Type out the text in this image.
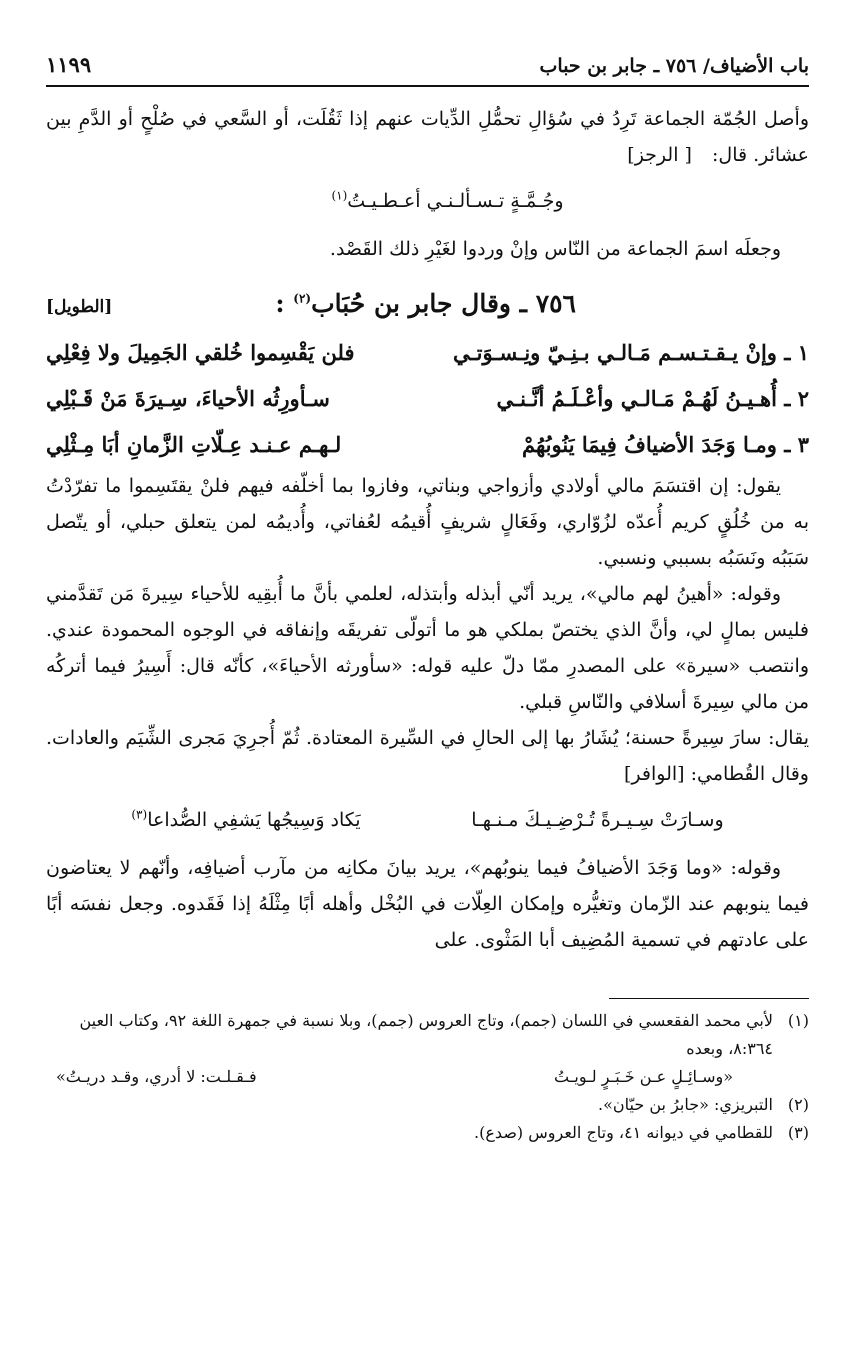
باب الأضياف/ ٧٥٦ ـ جابر بن حباب
١١٩٩

وأصل الجُمّة الجماعة تَرِدُ في سُؤالِ تحمُّلِ الدِّيات عنهم إذا ثَقُلَت، أو السَّعي في صُلْحٍ أو الدَّمِ بين عشائر. قال: [ الرجز]

وجُـمَّـةٍ تـسـألـنـي أعـطـيـتُ$^{(١)}$

وجعلَه اسمَ الجماعة من النّاس وإنْ وردوا لغَيْرِ ذلك القَصْد.

٧٥٦ ـ وقال جابر بن حُبَاب$^{(٢)}$ :
[الطويل]
١ ـ وإنْ يـقـتـسـم مَـالـي بـنِـيّ ونِـسـوَتـي
فلن يَقْسِموا خُلقي الجَمِيلَ ولا فِعْلِي
٢ ـ أُهـيـنُ لَهُـمْ مَـالـي وأعْـلَـمُ أنَّـنـي
سـأورِثُه الأحياءَ، سِـيرَةَ مَنْ قَـبْلِي
٣ ـ ومـا وَجَدَ الأضيافُ فِيمَا يَنُوبُهُمْ
لـهـم عـنـد عِـلّاتِ الزَّمانِ أبَا مِـثْلِي

يقول: إن اقتسَمَ مالي أولادي وأزواجي وبناتي، وفازوا بما أخلّفه فيهم فلنْ يقتَسِموا ما تفرّدْتُ به من خُلُقٍ كريم أُعدّه لزُوّاري، وفَعَالٍ شريفٍ أُقيمُه لعُفاتي، وأُديمُه لمن يتعلق حبلي، أو يتّصل سَبَبُه ونَسَبُه بسببي ونسبي.

وقوله: «أهينُ لهم مالي»، يريد أنّي أبذله وأبتذله، لعلمي بأنَّ ما أُبقِيه للأحياء سِيرةَ مَن تَقدَّمني فليس بمالٍ لي، وأنَّ الذي يختصّ بملكي هو ما أتولّى تفريقَه وإنفاقه في الوجوه المحمودة عندي. وانتصب «سيرة» على المصدرِ ممّا دلّ عليه قوله: «سأورثه الأحياءَ»، كأنّه قال: أَسِيرُ فيما أتركُه من مالي سِيرةَ أسلافي والنّاسِ قبلي.

يقال: سارَ سِيرةً حسنة؛ يُشَارُ بها إلى الحالِ في السِّيرة المعتادة. ثُمّ أُجرِيَ مَجرى الشِّيَم والعادات. وقال القُطامي: [الوافر]

وسـارَتْ سِـيـرةً تُـرْضِـيـكَ مـنـهـا
يَكاد وَسِيجُها يَشفِي الصُّداعا$^{(٣)}$

وقوله: «وما وَجَدَ الأضيافُ فيما ينوبُهم»، يريد بيانَ مكانِه من مآرب أضيافِه، وأنّهم لا يعتاضون فيما ينوبهم عند الزّمان وتغيُّره وإمكان العِلّات في البُخْل وأهله أبًا مِثْلَهُ إذا فَقَدوه. وجعل نفسَه أبًا على عادتهم في تسمية المُضِيف أبا المَثْوى. على

(١)
لأبي محمد الفقعسي في اللسان (جمم)، وتاج العروس (جمم)، وبلا نسبة في جمهرة اللغة ٩٢، وكتاب العين ٨:٣٦٤، وبعده
«وسـائِـلٍ عـن خَـبَـرٍ لـويـتُ
فـقـلـت: لا أدري، وقـد دريـتُ»
(٢)
التبريزي: «جابرُ بن حيّان».
(٣)
للقطامي في ديوانه ٤١، وتاج العروس (صدع).
